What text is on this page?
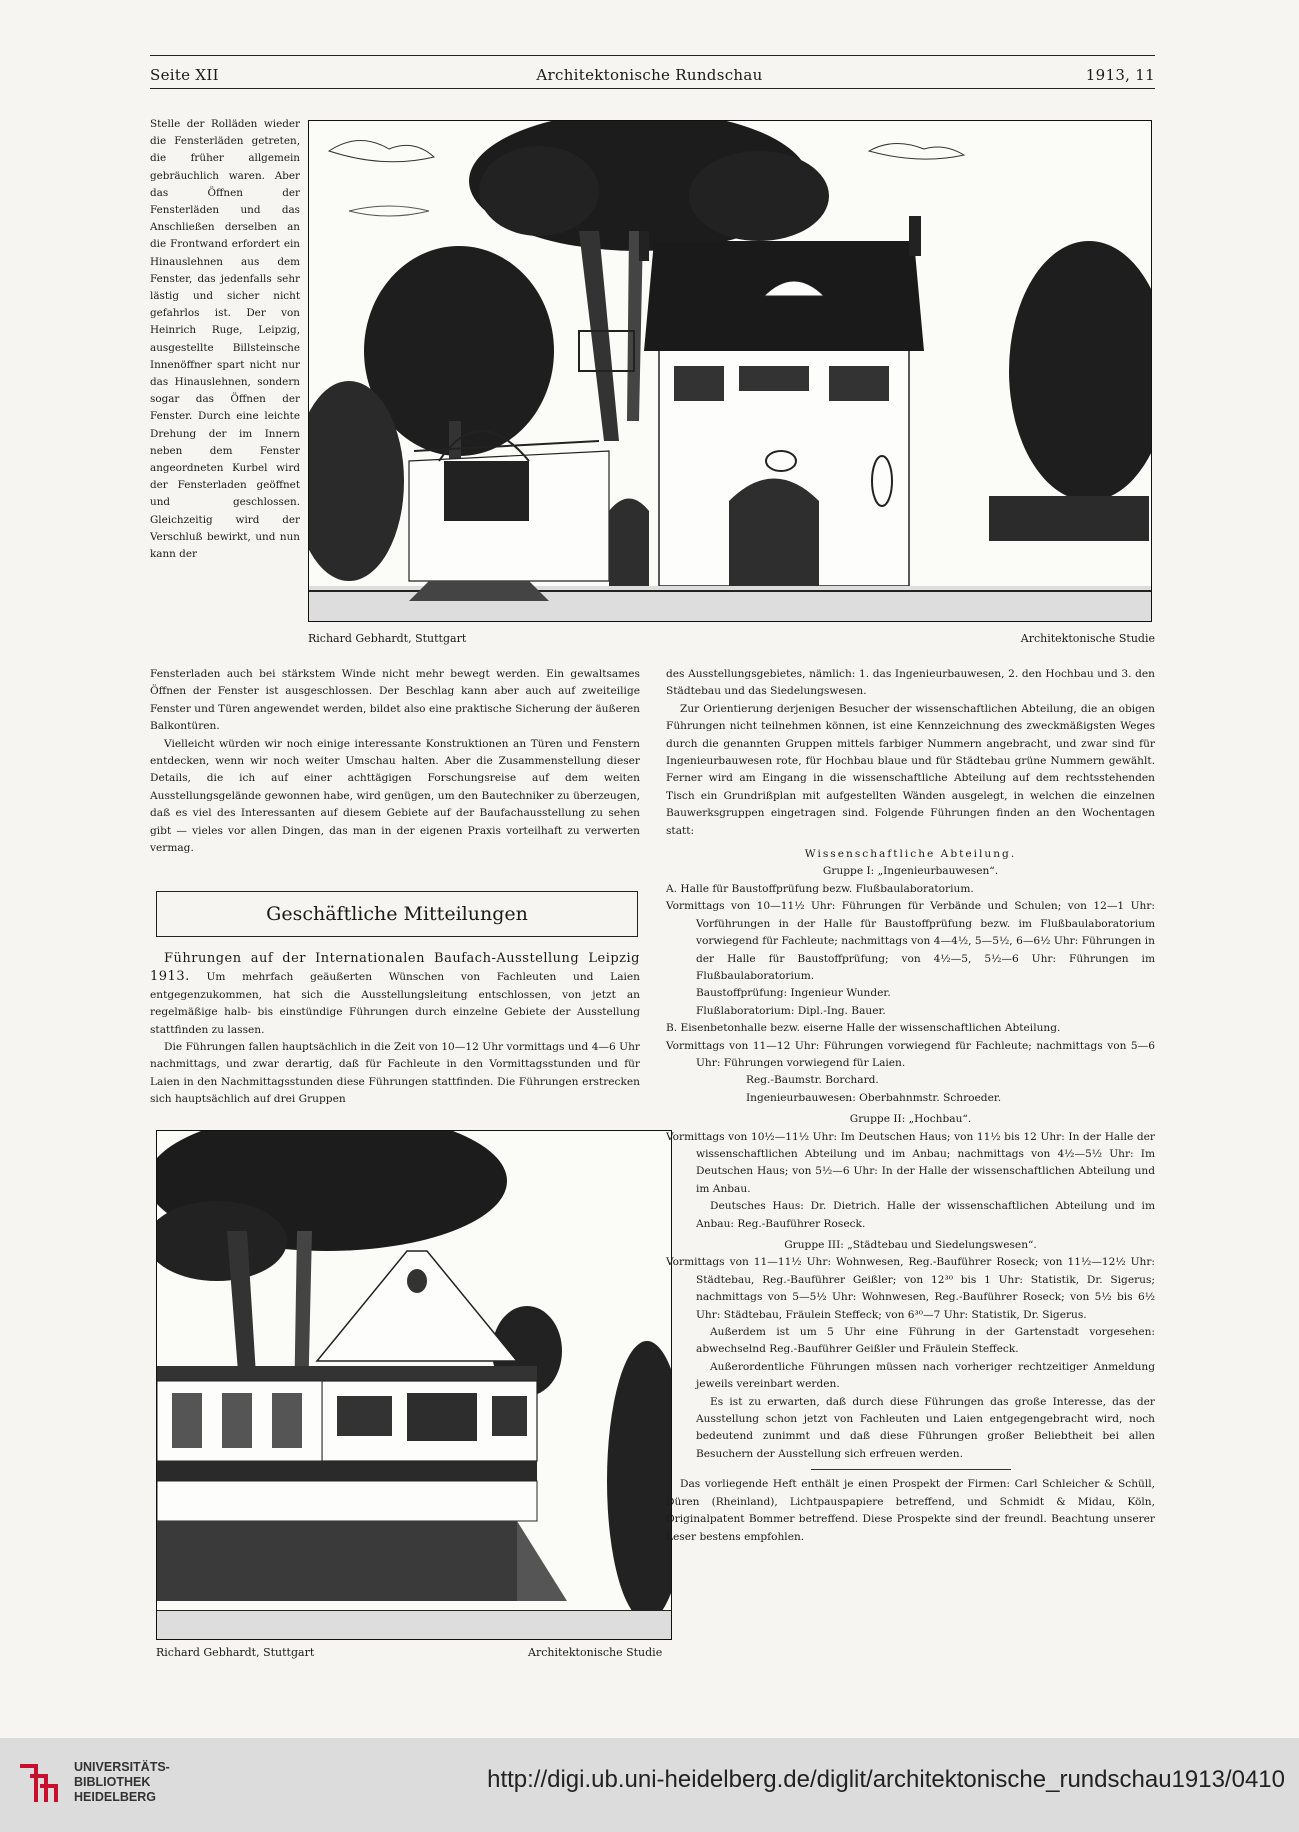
Seite XII	Architektonische Rundschau	1913, 11

Stelle der Rolläden wieder die Fensterläden getreten, die früher allgemein gebräuchlich waren. Aber das Öffnen der Fensterläden und das Anschließen derselben an die Frontwand erfordert ein Hinauslehnen aus dem Fenster, das jedenfalls sehr lästig und sicher nicht gefahrlos ist. Der von Heinrich Ruge, Leipzig, ausgestellte Billsteinsche Innenöffner spart nicht nur das Hinauslehnen, sondern sogar das Öffnen der Fenster. Durch eine leichte Drehung der im Innern neben dem Fenster angeordneten Kurbel wird der Fensterladen geöffnet und geschlossen. Gleichzeitig wird der Verschluß bewirkt, und nun kann der

Richard Gebhardt, Stuttgart	Architektonische Studie

Fensterladen auch bei stärkstem Winde nicht mehr bewegt werden. Ein gewaltsames Öffnen der Fenster ist ausgeschlossen. Der Beschlag kann aber auch auf zweiteilige Fenster und Türen angewendet werden, bildet also eine praktische Sicherung der äußeren Balkontüren.

Vielleicht würden wir noch einige interessante Konstruktionen an Türen und Fenstern entdecken, wenn wir noch weiter Umschau halten. Aber die Zusammenstellung dieser Details, die ich auf einer achttägigen Forschungsreise auf dem weiten Ausstellungsgelände gewonnen habe, wird genügen, um den Bautechniker zu überzeugen, daß es viel des Interessanten auf diesem Gebiete auf der Baufachausstellung zu sehen gibt — vieles vor allen Dingen, das man in der eigenen Praxis vorteilhaft zu verwerten vermag.

Geschäftliche Mitteilungen

Führungen auf der Internationalen Baufach-Ausstellung Leipzig 1913. Um mehrfach geäußerten Wünschen von Fachleuten und Laien entgegenzukommen, hat sich die Ausstellungsleitung entschlossen, von jetzt an regelmäßige halb- bis einstündige Führungen durch einzelne Gebiete der Ausstellung stattfinden zu lassen.

Die Führungen fallen hauptsächlich in die Zeit von 10—12 Uhr vormittags und 4—6 Uhr nachmittags, und zwar derartig, daß für Fachleute in den Vormittagsstunden und für Laien in den Nachmittagsstunden diese Führungen stattfinden. Die Führungen erstrecken sich hauptsächlich auf drei Gruppen

Richard Gebhardt, Stuttgart	Architektonische Studie

des Ausstellungsgebietes, nämlich: 1. das Ingenieurbauwesen, 2. den Hochbau und 3. den Städtebau und das Siedelungswesen.

Zur Orientierung derjenigen Besucher der wissenschaftlichen Abteilung, die an obigen Führungen nicht teilnehmen können, ist eine Kennzeichnung des zweckmäßigsten Weges durch die genannten Gruppen mittels farbiger Nummern angebracht, und zwar sind für Ingenieurbauwesen rote, für Hochbau blaue und für Städtebau grüne Nummern gewählt. Ferner wird am Eingang in die wissenschaftliche Abteilung auf dem rechtsstehenden Tisch ein Grundrißplan mit aufgestellten Wänden ausgelegt, in welchen die einzelnen Bauwerksgruppen eingetragen sind. Folgende Führungen finden an den Wochentagen statt:

Wissenschaftliche Abteilung.

Gruppe I: „Ingenieurbauwesen“.

A. Halle für Baustoffprüfung bezw. Flußbaulaboratorium.

Vormittags von 10—11½ Uhr: Führungen für Verbände und Schulen; von 12—1 Uhr: Vorführungen in der Halle für Baustoffprüfung bezw. im Flußbaulaboratorium vorwiegend für Fachleute; nachmittags von 4—4½, 5—5½, 6—6½ Uhr: Führungen in der Halle für Baustoffprüfung; von 4½—5, 5½—6 Uhr: Führungen im Flußbaulaboratorium.

Baustoffprüfung: Ingenieur Wunder.

Flußlaboratorium: Dipl.-Ing. Bauer.

B. Eisenbetonhalle bezw. eiserne Halle der wissenschaftlichen Abteilung.

Vormittags von 11—12 Uhr: Führungen vorwiegend für Fachleute; nachmittags von 5—6 Uhr: Führungen vorwiegend für Laien.

Reg.-Baumstr. Borchard.

Ingenieurbauwesen: Oberbahnmstr. Schroeder.

Gruppe II: „Hochbau“.

Vormittags von 10½—11½ Uhr: Im Deutschen Haus; von 11½ bis 12 Uhr: In der Halle der wissenschaftlichen Abteilung und im Anbau; nachmittags von 4½—5½ Uhr: Im Deutschen Haus; von 5½—6 Uhr: In der Halle der wissenschaftlichen Abteilung und im Anbau.

Deutsches Haus: Dr. Dietrich. Halle der wissenschaftlichen Abteilung und im Anbau: Reg.-Bauführer Roseck.

Gruppe III: „Städtebau und Siedelungswesen“.

Vormittags von 11—11½ Uhr: Wohnwesen, Reg.-Bauführer Roseck; von 11½—12½ Uhr: Städtebau, Reg.-Bauführer Geißler; von 12³⁰ bis 1 Uhr: Statistik, Dr. Sigerus; nachmittags von 5—5½ Uhr: Wohnwesen, Reg.-Bauführer Roseck; von 5½ bis 6½ Uhr: Städtebau, Fräulein Steffeck; von 6³⁰—7 Uhr: Statistik, Dr. Sigerus.

Außerdem ist um 5 Uhr eine Führung in der Gartenstadt vorgesehen: abwechselnd Reg.-Bauführer Geißler und Fräulein Steffeck.

Außerordentliche Führungen müssen nach vorheriger rechtzeitiger Anmeldung jeweils vereinbart werden.

Es ist zu erwarten, daß durch diese Führungen das große Interesse, das der Ausstellung schon jetzt von Fachleuten und Laien entgegengebracht wird, noch bedeutend zunimmt und daß diese Führungen großer Beliebtheit bei allen Besuchern der Ausstellung sich erfreuen werden.

Das vorliegende Heft enthält je einen Prospekt der Firmen: Carl Schleicher & Schüll, Düren (Rheinland), Lichtpauspapiere betreffend, und Schmidt & Midau, Köln, Originalpatent Bommer betreffend. Diese Prospekte sind der freundl. Beachtung unserer Leser bestens empfohlen.

UNIVERSITÄTS-
BIBLIOTHEK
HEIDELBERG
http://digi.ub.uni-heidelberg.de/diglit/architektonische_rundschau1913/0410
